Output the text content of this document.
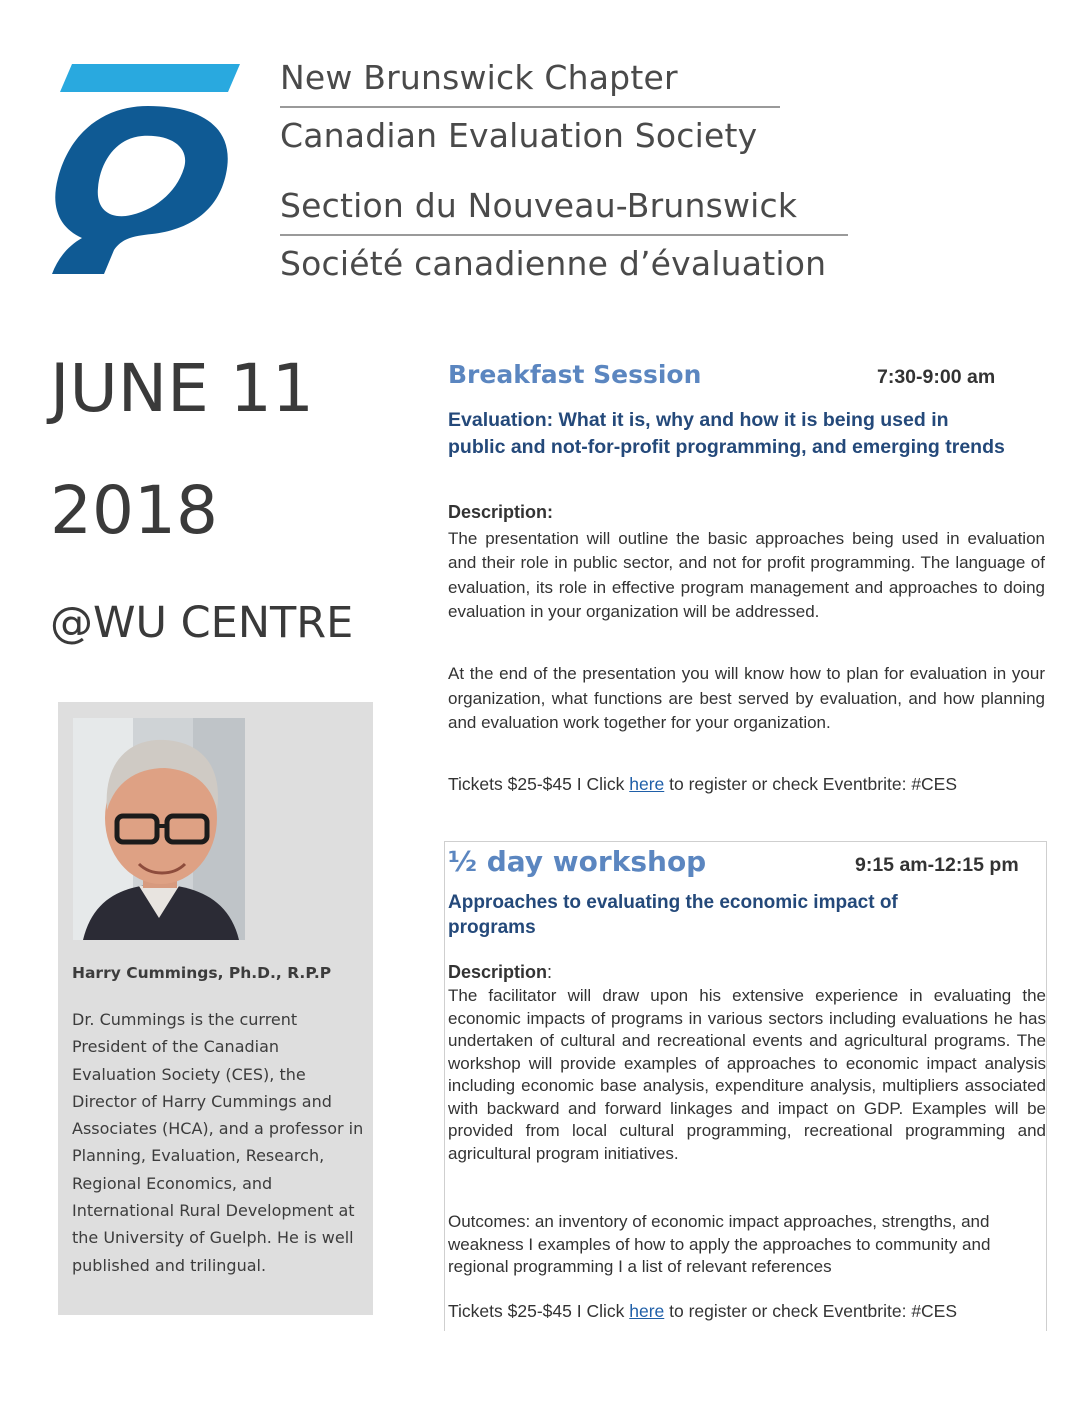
New Brunswick Chapter
Canadian Evaluation Society
Section du Nouveau-Brunswick
Société canadienne d’évaluation
JUNE 11
2018
@WU CENTRE
Harry Cummings, Ph.D., R.P.P
Dr. Cummings is the current President of the Canadian Evaluation Society (CES), the Director of Harry Cummings and Associates (HCA), and a professor in Planning, Evaluation, Research, Regional Economics, and International Rural Development at the University of Guelph. He is well published and trilingual.
Breakfast Session	7:30-9:00 am
Evaluation: What it is, why and how it is being used in public and not-for-profit programming, and emerging trends
Description:
The presentation will outline the basic approaches being used in evaluation and their role in public sector, and not for profit programming. The language of evaluation, its role in effective program management and approaches to doing evaluation in your organization will be addressed.
At the end of the presentation you will know how to plan for evaluation in your organization, what functions are best served by evaluation, and how planning and evaluation work together for your organization.
Tickets $25-$45 I Click here to register or check Eventbrite: #CES
½ day workshop	9:15 am-12:15 pm
Approaches to evaluating the economic impact of programs
Description:
The facilitator will draw upon his extensive experience in evaluating the economic impacts of programs in various sectors including evaluations he has undertaken of cultural and recreational events and agricultural programs. The workshop will provide examples of approaches to economic impact analysis including economic base analysis, expenditure analysis, multipliers associated with backward and forward linkages and impact on GDP. Examples will be provided from local cultural programming, recreational programming and agricultural program initiatives.
Outcomes: an inventory of economic impact approaches, strengths, and weakness I examples of how to apply the approaches to community and regional programming I a list of relevant references
Tickets $25-$45 I Click here to register or check Eventbrite: #CES
